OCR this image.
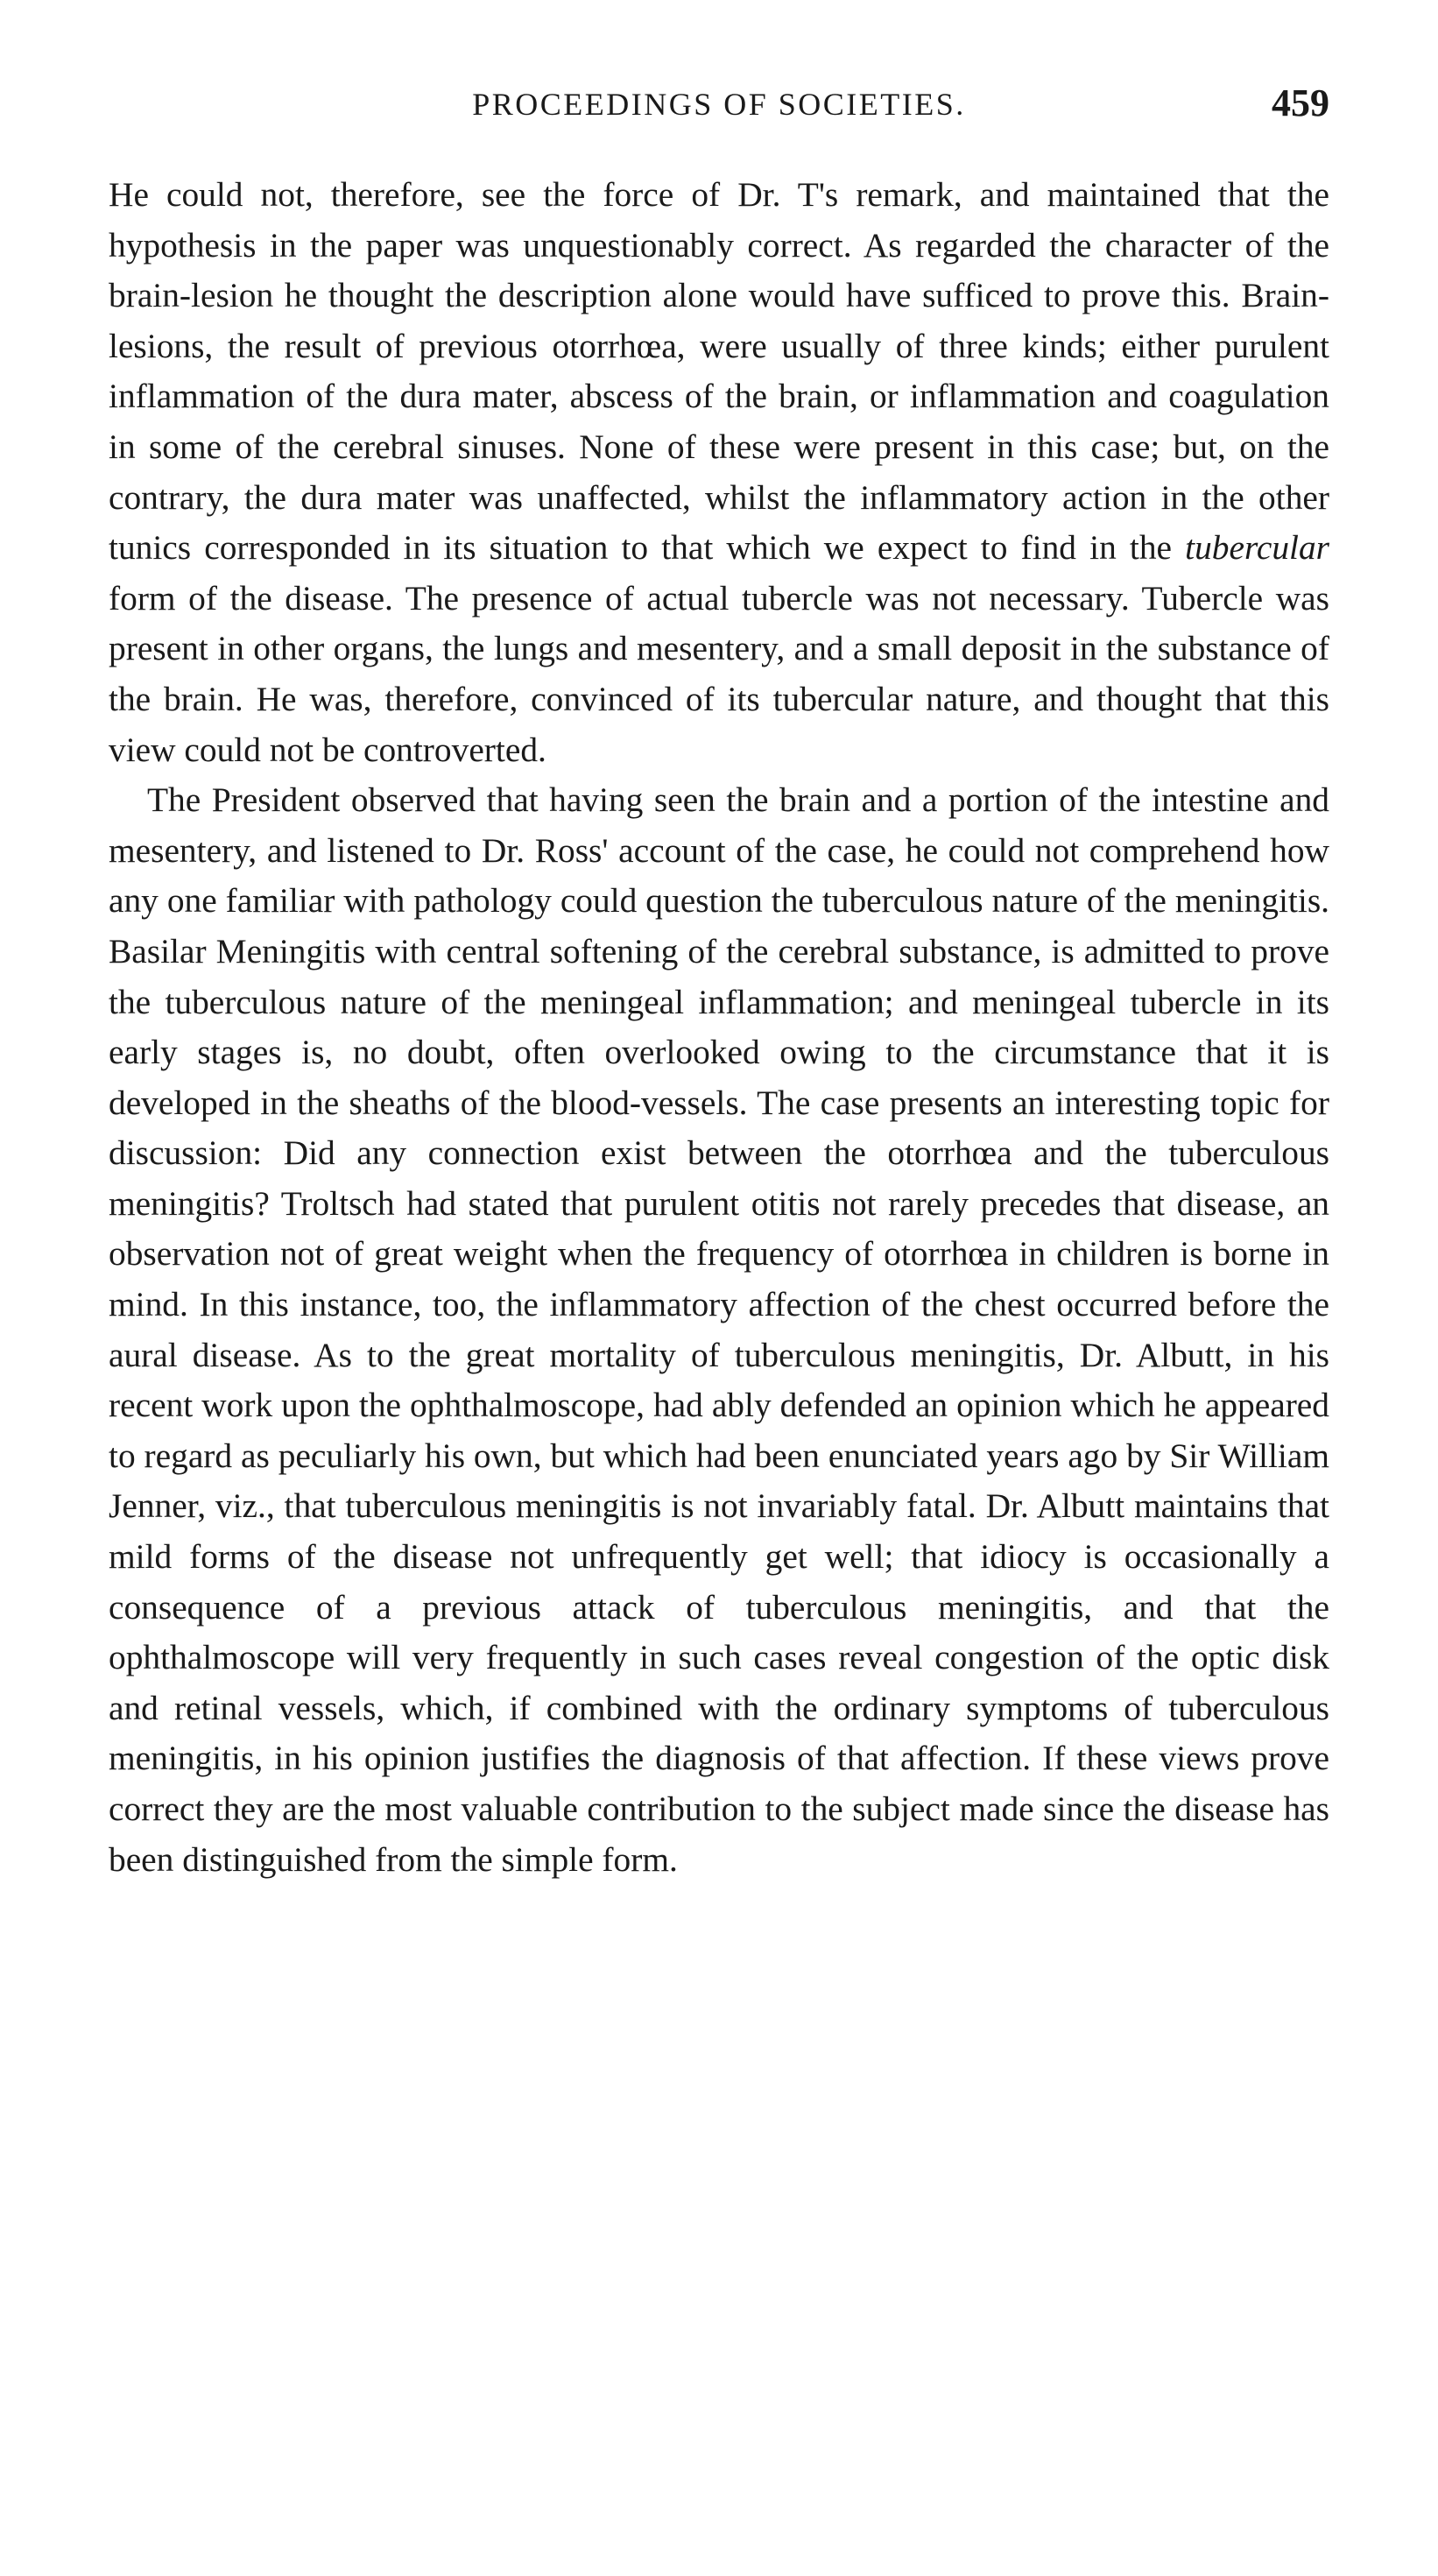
PROCEEDINGS OF SOCIETIES.	459

He could not, therefore, see the force of Dr. T's remark, and maintained that the hypothesis in the paper was unquestionably correct. As regarded the character of the brain-lesion he thought the description alone would have sufficed to prove this. Brain-lesions, the result of previous otorrhœa, were usually of three kinds; either purulent inflammation of the dura mater, abscess of the brain, or inflammation and coagulation in some of the cerebral sinuses. None of these were present in this case; but, on the contrary, the dura mater was unaffected, whilst the inflammatory action in the other tunics corresponded in its situation to that which we expect to find in the tubercular form of the disease. The presence of actual tubercle was not necessary. Tubercle was present in other organs, the lungs and mesentery, and a small deposit in the substance of the brain. He was, therefore, convinced of its tubercular nature, and thought that this view could not be controverted.

The President observed that having seen the brain and a portion of the intestine and mesentery, and listened to Dr. Ross' account of the case, he could not comprehend how any one familiar with pathology could question the tuberculous nature of the meningitis. Basilar Meningitis with central softening of the cerebral substance, is admitted to prove the tuberculous nature of the meningeal inflammation; and meningeal tubercle in its early stages is, no doubt, often overlooked owing to the circumstance that it is developed in the sheaths of the blood-vessels. The case presents an interesting topic for discussion: Did any connection exist between the otorrhœa and the tuberculous meningitis? Troltsch had stated that purulent otitis not rarely precedes that disease, an observation not of great weight when the frequency of otorrhœa in children is borne in mind. In this instance, too, the inflammatory affection of the chest occurred before the aural disease. As to the great mortality of tuberculous meningitis, Dr. Albutt, in his recent work upon the ophthalmoscope, had ably defended an opinion which he appeared to regard as peculiarly his own, but which had been enunciated years ago by Sir William Jenner, viz., that tuberculous meningitis is not invariably fatal. Dr. Albutt maintains that mild forms of the disease not unfrequently get well; that idiocy is occasionally a consequence of a previous attack of tuberculous meningitis, and that the ophthalmoscope will very frequently in such cases reveal congestion of the optic disk and retinal vessels, which, if combined with the ordinary symptoms of tuberculous meningitis, in his opinion justifies the diagnosis of that affection. If these views prove correct they are the most valuable contribution to the subject made since the disease has been distinguished from the simple form.
